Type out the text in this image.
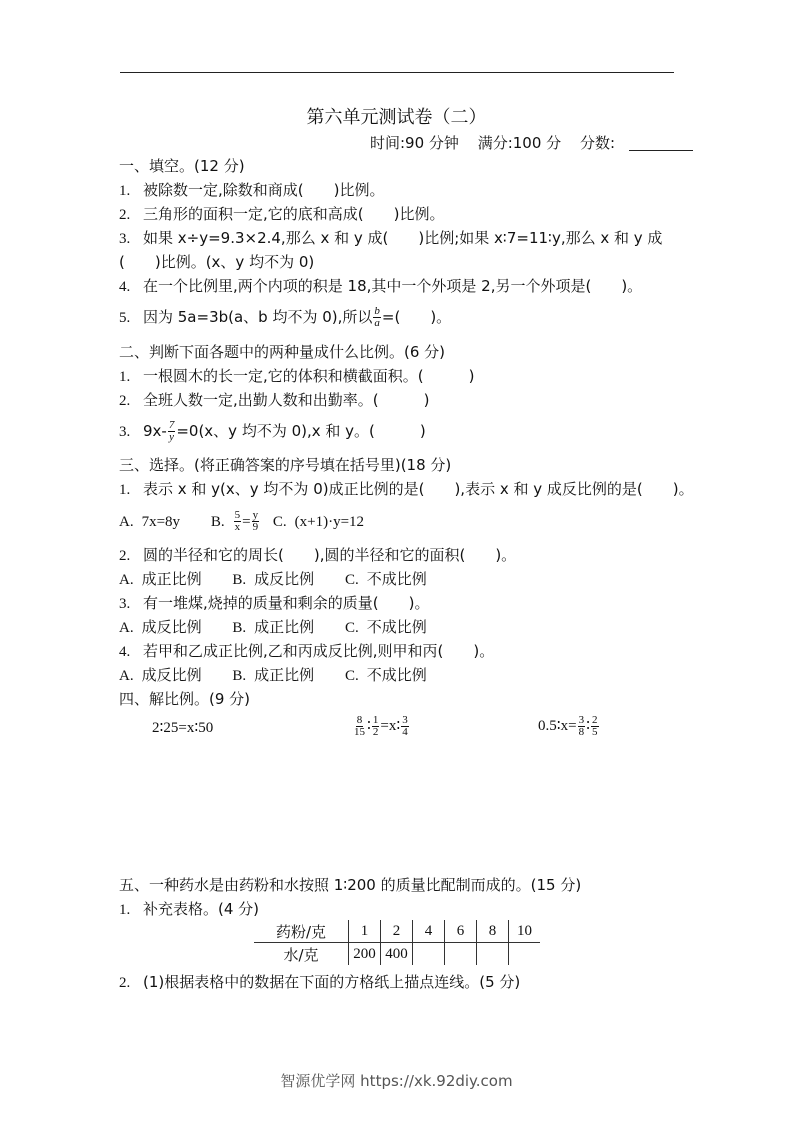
第六单元测试卷（二）
时间:90 分钟 满分:100 分 分数:
一、填空。(12 分)
1. 被除数一定,除数和商成(　　)比例。
2. 三角形的面积一定,它的底和高成(　　)比例。
3. 如果 x÷y=9.3×2.4,那么 x 和 y 成(　　)比例;如果 x∶7=11∶y,那么 x 和 y 成
(　　)比例。(x、y 均不为 0)
4. 在一个比例里,两个内项的积是 18,其中一个外项是 2,另一个外项是(　　)。
5. 因为 5a=3b(a、b 均不为 0),所以 $\frac{b}{a}$ =(　　)。
二、判断下面各题中的两种量成什么比例。(6 分)
1. 一根圆木的长一定,它的体积和横截面积。(　　　)
2. 全班人数一定,出勤人数和出勤率。(　　　)
3. $9x- \frac{7}{y} =0(x$、y 均不为 0),x 和 y。(　　　)
三、选择。(将正确答案的序号填在括号里)(18 分)
1. 表示 x 和 y(x、y 均不为 0)成正比例的是(　　),表示 x 和 y 成反比例的是(　　)。
A. 7x=8y B. $\frac{5}{x} = \frac{y}{9} C$. (x+1)·y=12
2. 圆的半径和它的周长(　　),圆的半径和它的面积(　　)。
A. 成正比例 B. 成反比例 C. 不成比例
3. 有一堆煤,烧掉的质量和剩余的质量(　　)。
A. 成反比例 B. 成正比例 C. 不成比例
4. 若甲和乙成正比例,乙和丙成反比例,则甲和丙(　　)。
A. 成反比例 B. 成正比例 C. 不成比例
四、解比例。(9 分)
2∶25=x∶50	$\frac{8}{15}$ ∶ $\frac{1}{2}$ =x∶ $\frac{3}{4}$	0.5∶x= $\frac{3}{8}$ ∶ $\frac{2}{5}$
五、一种药水是由药粉和水按照 1∶200 的质量比配制而成的。(15 分)
1. 补充表格。(4 分)
药粉/克	1	2	4	6	8	10
水/克	200	400				
2. (1)根据表格中的数据在下面的方格纸上描点连线。(5 分)
智源优学网 https://xk.92diy.com
